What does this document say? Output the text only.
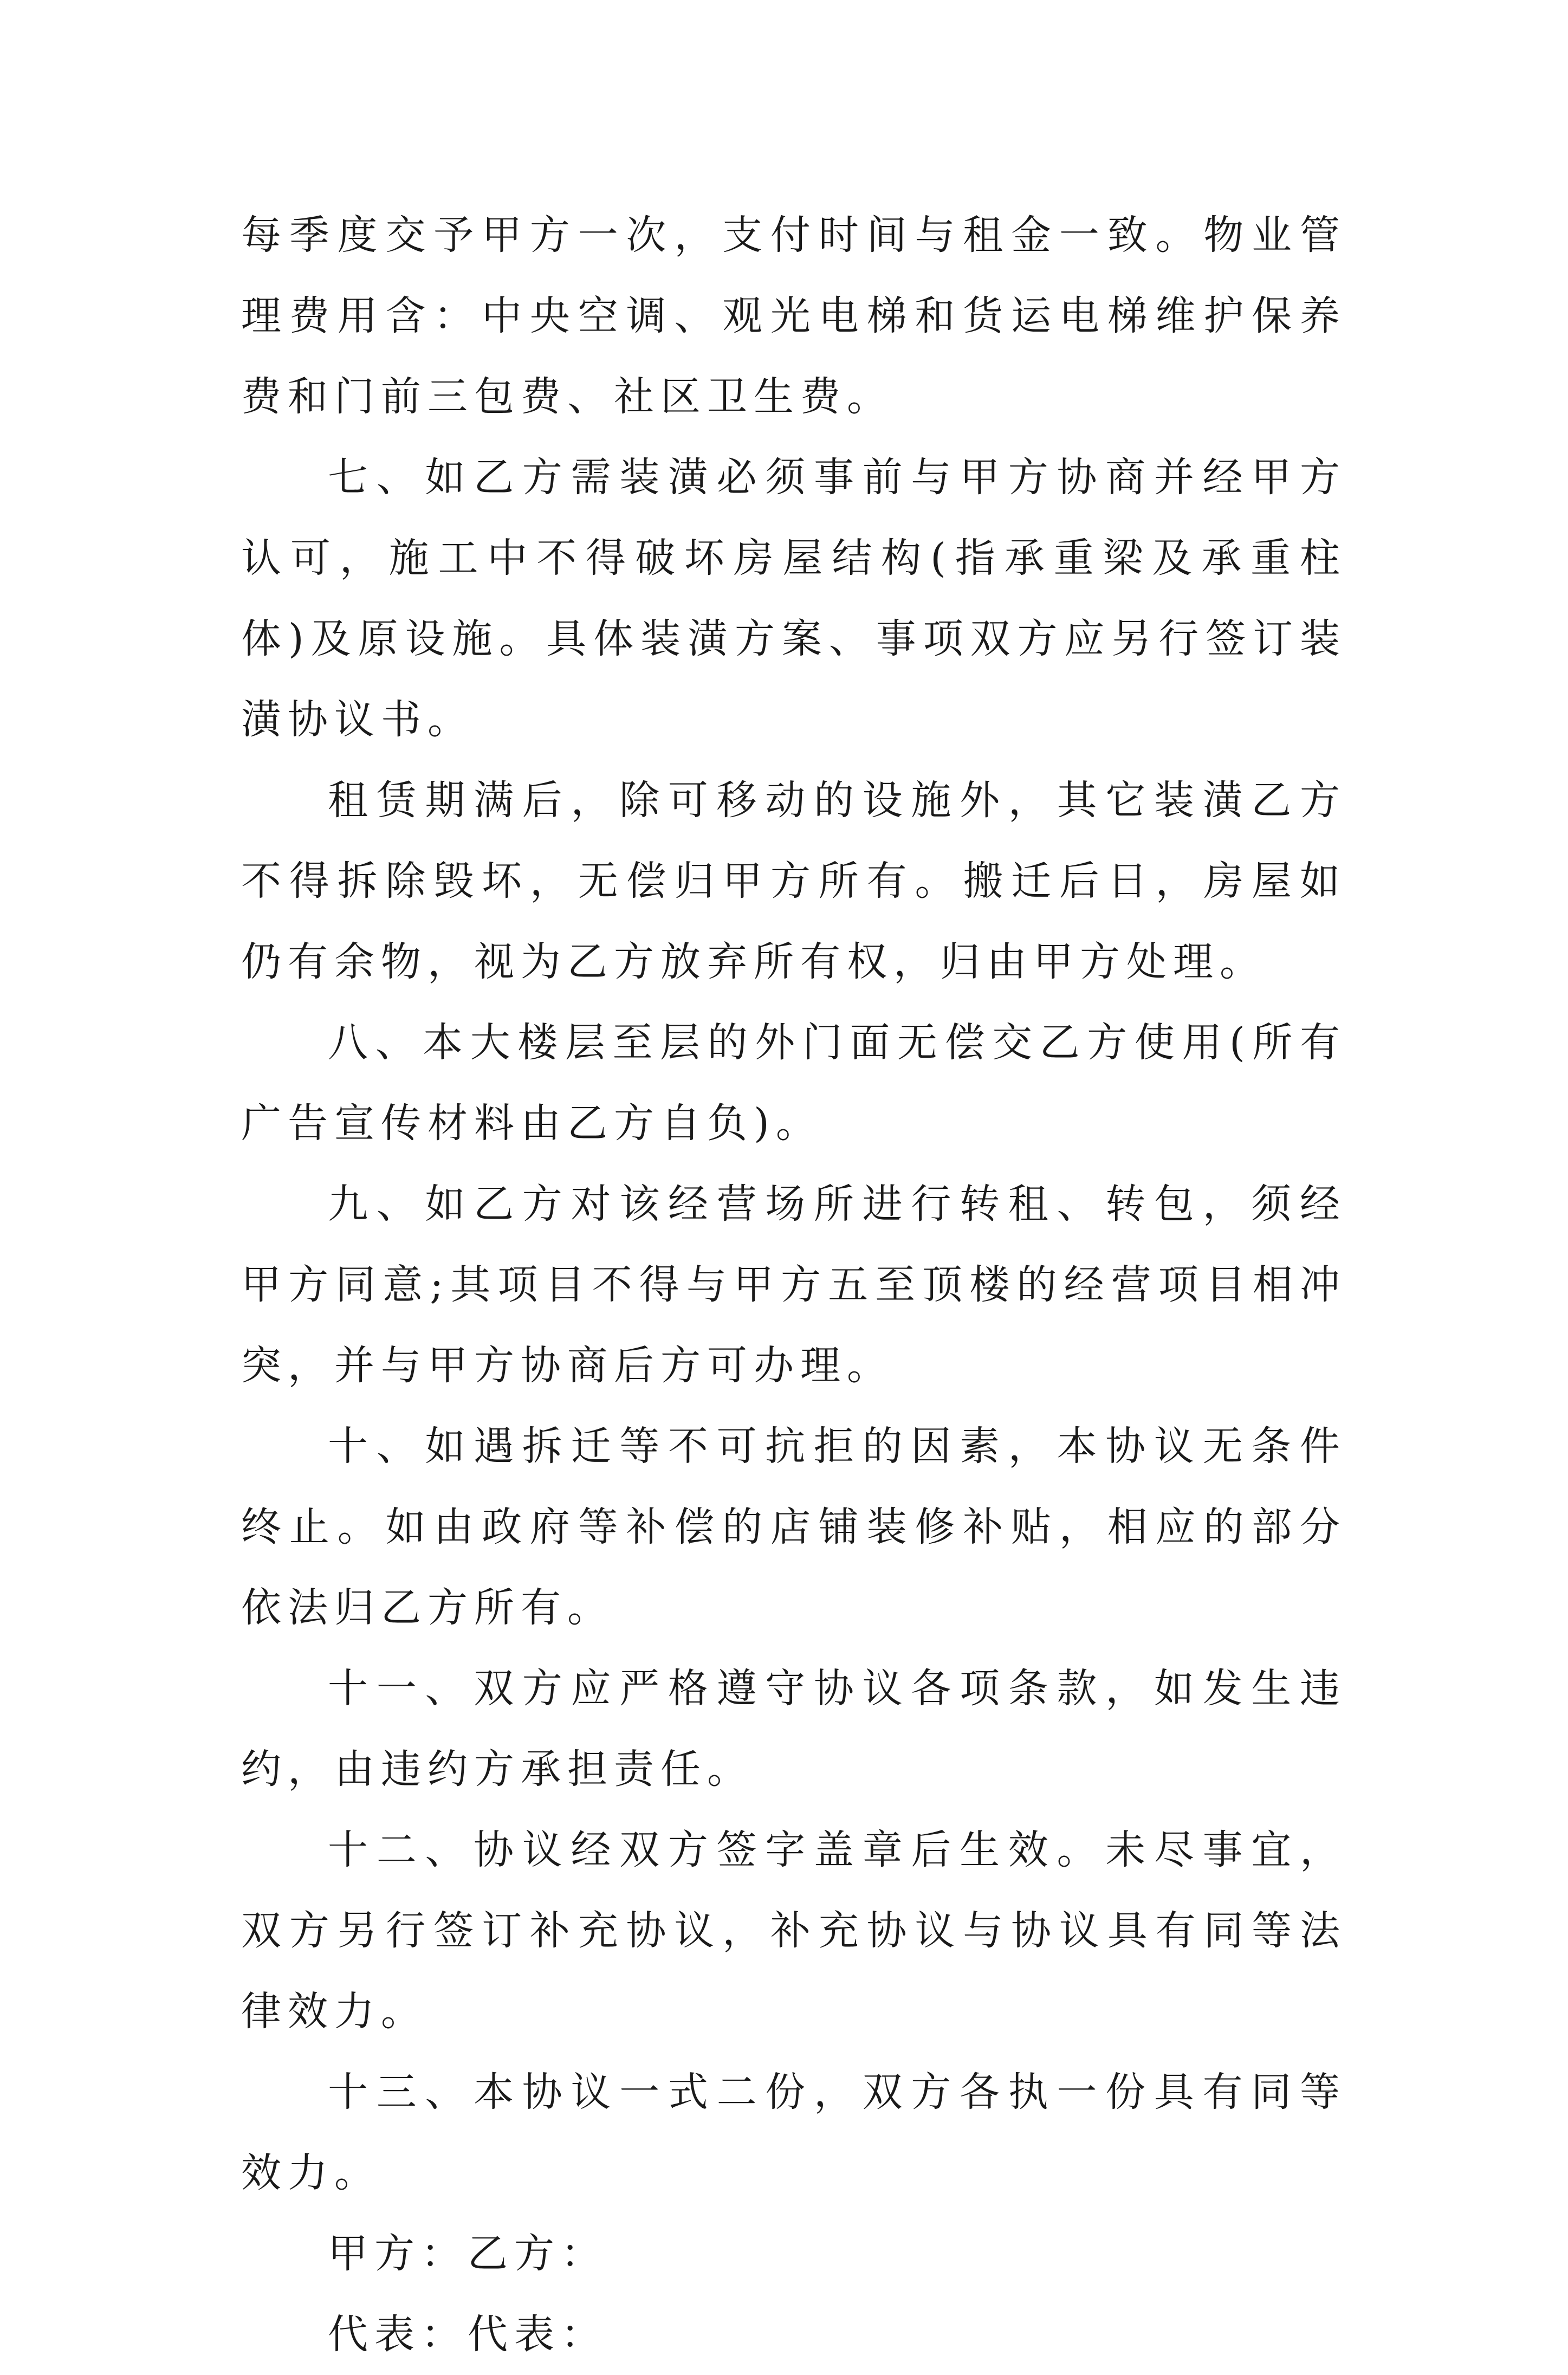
每季度交予甲方一次，支付时间与租金一致。物业管理费用含：中央空调、观光电梯和货运电梯维护保养费和门前三包费、社区卫生费。

七、如乙方需装潢必须事前与甲方协商并经甲方认可，施工中不得破坏房屋结构(指承重梁及承重柱体)及原设施。具体装潢方案、事项双方应另行签订装潢协议书。

租赁期满后，除可移动的设施外，其它装潢乙方不得拆除毁坏，无偿归甲方所有。搬迁后日，房屋如仍有余物，视为乙方放弃所有权，归由甲方处理。

八、本大楼层至层的外门面无偿交乙方使用(所有广告宣传材料由乙方自负)。

九、如乙方对该经营场所进行转租、转包，须经甲方同意;其项目不得与甲方五至顶楼的经营项目相冲突，并与甲方协商后方可办理。

十、如遇拆迁等不可抗拒的因素，本协议无条件终止。如由政府等补偿的店铺装修补贴，相应的部分依法归乙方所有。

十一、双方应严格遵守协议各项条款，如发生违约，由违约方承担责任。

十二、协议经双方签字盖章后生效。未尽事宜，双方另行签订补充协议，补充协议与协议具有同等法律效力。

十三、本协议一式二份，双方各执一份具有同等效力。

甲方：乙方：

代表：代表：
